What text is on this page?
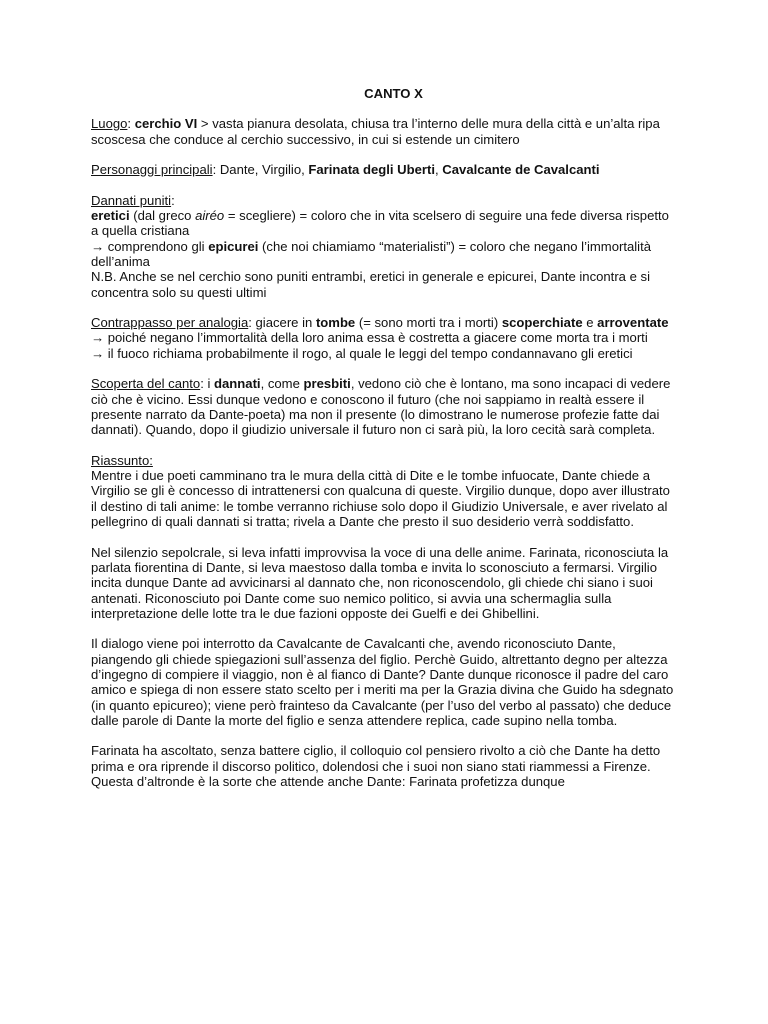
CANTO X

Luogo: cerchio VI > vasta pianura desolata, chiusa tra l’interno delle mura della città e un’alta ripa scoscesa che conduce al cerchio successivo, in cui si estende un cimitero

Personaggi principali: Dante, Virgilio, Farinata degli Uberti, Cavalcante de Cavalcanti

Dannati puniti:

eretici (dal greco airéo = scegliere) = coloro che in vita scelsero di seguire una fede diversa rispetto a quella cristiana

→ comprendono gli epicurei (che noi chiamiamo “materialisti”) = coloro che negano l’immortalità dell’anima

N.B. Anche se nel cerchio sono puniti entrambi, eretici in generale e epicurei, Dante incontra e si concentra solo su questi ultimi

Contrappasso per analogia: giacere in tombe (= sono morti tra i morti) scoperchiate e arroventate

→ poiché negano l’immortalità della loro anima essa è costretta a giacere come morta tra i morti

→ il fuoco richiama probabilmente il rogo, al quale le leggi del tempo condannavano gli eretici

Scoperta del canto: i dannati, come presbiti, vedono ciò che è lontano, ma sono incapaci di vedere ciò che è vicino. Essi dunque vedono e conoscono il futuro (che noi sappiamo in realtà essere il presente narrato da Dante-poeta) ma non il presente (lo dimostrano le numerose profezie fatte dai dannati). Quando, dopo il giudizio universale il futuro non ci sarà più, la loro cecità sarà completa.

Riassunto:

Mentre i due poeti camminano tra le mura della città di Dite e le tombe infuocate, Dante chiede a Virgilio se gli è concesso di intrattenersi con qualcuna di queste. Virgilio dunque, dopo aver illustrato il destino di tali anime: le tombe verranno richiuse solo dopo il Giudizio Universale, e aver rivelato al pellegrino di quali dannati si tratta; rivela a Dante che presto il suo desiderio verrà soddisfatto.

Nel silenzio sepolcrale, si leva infatti improvvisa la voce di una delle anime. Farinata, riconosciuta la parlata fiorentina di Dante, si leva maestoso dalla tomba e invita lo sconosciuto a fermarsi. Virgilio incita dunque Dante ad avvicinarsi al dannato che, non riconoscendolo, gli chiede chi siano i suoi antenati. Riconosciuto poi Dante come suo nemico politico, si avvia una schermaglia sulla interpretazione delle lotte tra le due fazioni opposte dei Guelfi e dei Ghibellini.

Il dialogo viene poi interrotto da Cavalcante de Cavalcanti che, avendo riconosciuto Dante, piangendo gli chiede spiegazioni sull’assenza del figlio. Perchè Guido, altrettanto degno per altezza d’ingegno di compiere il viaggio, non è al fianco di Dante? Dante dunque riconosce il padre del caro amico e spiega di non essere stato scelto per i meriti ma per la Grazia divina che Guido ha sdegnato (in quanto epicureo); viene però frainteso da Cavalcante (per l’uso del verbo al passato) che deduce dalle parole di Dante la morte del figlio e senza attendere replica, cade supino nella tomba.

Farinata ha ascoltato, senza battere ciglio, il colloquio col pensiero rivolto a ciò che Dante ha detto prima e ora riprende il discorso politico, dolendosi che i suoi non siano stati riammessi a Firenze. Questa d’altronde è la sorte che attende anche Dante: Farinata profetizza dunque
